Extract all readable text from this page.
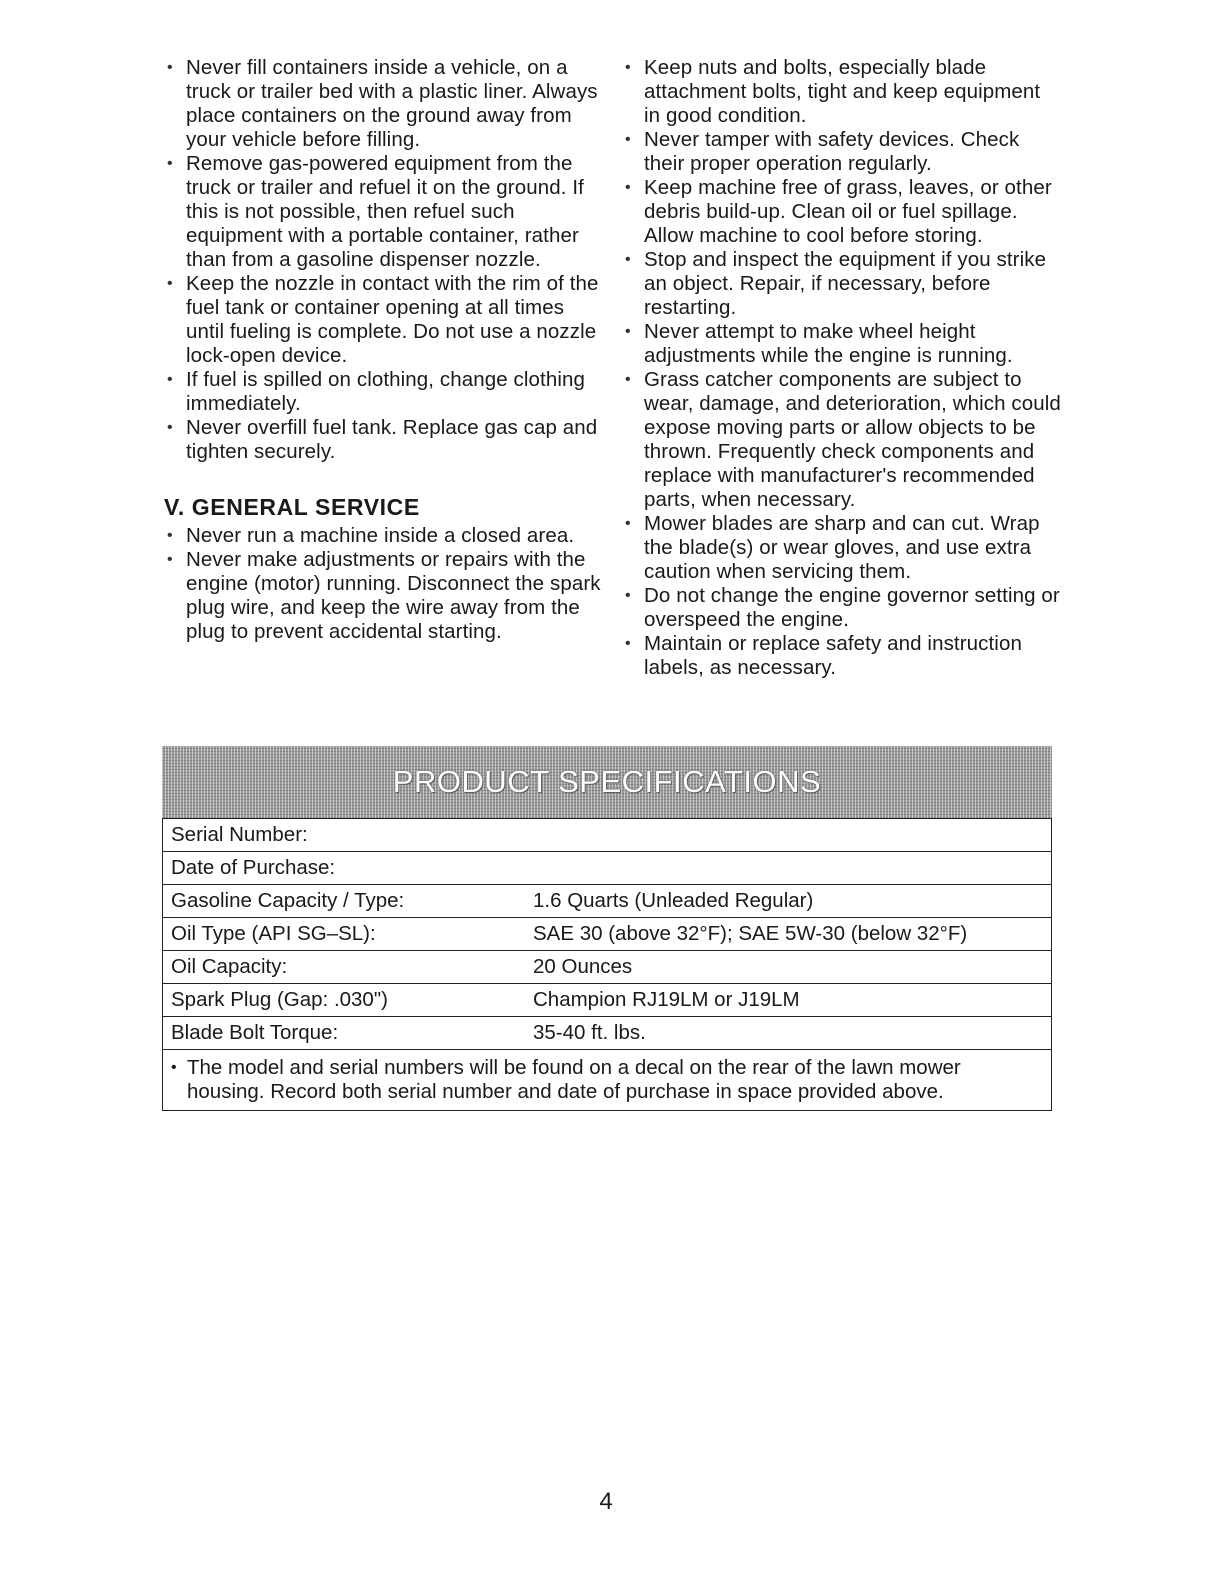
• Never fill containers inside a vehicle, on a truck or trailer bed with a plastic liner. Always place containers on the ground away from your vehicle before filling.
• Remove gas-powered equipment from the truck or trailer and refuel it on the ground. If this is not possible, then refuel such equipment with a portable container, rather than from a gasoline dispenser nozzle.
• Keep the nozzle in contact with the rim of the fuel tank or container opening at all times until fueling is complete. Do not use a nozzle lock-open device.
• If fuel is spilled on clothing, change clothing immediately.
• Never overfill fuel tank. Replace gas cap and tighten securely.
V. GENERAL SERVICE
• Never run a machine inside a closed area.
• Never make adjustments or repairs with the engine (motor) running. Disconnect the spark plug wire, and keep the wire away from the plug to prevent accidental starting.
• Keep nuts and bolts, especially blade attachment bolts, tight and keep equipment in good condition.
• Never tamper with safety devices. Check their proper operation regularly.
• Keep machine free of grass, leaves, or other debris build-up. Clean oil or fuel spillage. Allow machine to cool before storing.
• Stop and inspect the equipment if you strike an object. Repair, if necessary, before restarting.
• Never attempt to make wheel height adjustments while the engine is running.
• Grass catcher components are subject to wear, damage, and deterioration, which could expose moving parts or allow objects to be thrown. Frequently check components and replace with manufacturer's recommended parts, when necessary.
• Mower blades are sharp and can cut. Wrap the blade(s) or wear gloves, and use extra caution when servicing them.
• Do not change the engine governor setting or overspeed the engine.
• Maintain or replace safety and instruction labels, as necessary.
PRODUCT SPECIFICATIONS
Serial Number:	
Date of Purchase:	
Gasoline Capacity / Type:	1.6 Quarts (Unleaded Regular)
Oil Type (API SG–SL):	SAE 30 (above 32°F); SAE 5W-30 (below 32°F)
Oil Capacity:	20 Ounces
Spark Plug (Gap: .030")	Champion RJ19LM or J19LM
Blade Bolt Torque:	35-40 ft. lbs.

• The model and serial numbers will be found on a decal on the rear of the lawn mower housing. Record both serial number and date of purchase in space provided above.	
4
